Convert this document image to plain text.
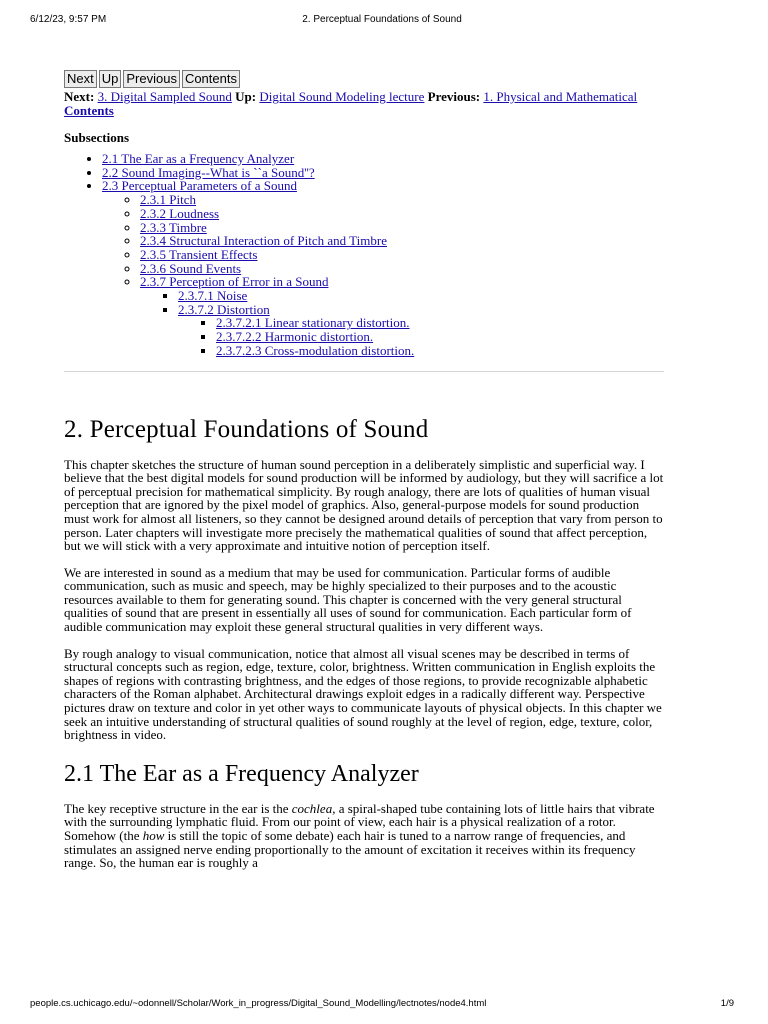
6/12/23, 9:57 PM	2. Perceptual Foundations of Sound
Next Up Previous Contents
Next: 3. Digital Sampled Sound Up: Digital Sound Modeling lecture Previous: 1. Physical and Mathematical   Contents
Subsections
• 2.1 The Ear as a Frequency Analyzer
• 2.2 Sound Imaging--What is ``a Sound''?
• 2.3 Perceptual Parameters of a Sound
◦ 2.3.1 Pitch
◦ 2.3.2 Loudness
◦ 2.3.3 Timbre
◦ 2.3.4 Structural Interaction of Pitch and Timbre
◦ 2.3.5 Transient Effects
◦ 2.3.6 Sound Events
◦ 2.3.7 Perception of Error in a Sound
▪ 2.3.7.1 Noise
▪ 2.3.7.2 Distortion
▪ 2.3.7.2.1 Linear stationary distortion.
▪ 2.3.7.2.2 Harmonic distortion.
▪ 2.3.7.2.3 Cross-modulation distortion.
2. Perceptual Foundations of Sound

This chapter sketches the structure of human sound perception in a deliberately simplistic and superficial way. I believe that the best digital models for sound production will be informed by audiology, but they will sacrifice a lot of perceptual precision for mathematical simplicity. By rough analogy, there are lots of qualities of human visual perception that are ignored by the pixel model of graphics. Also, general-purpose models for sound production must work for almost all listeners, so they cannot be designed around details of perception that vary from person to person. Later chapters will investigate more precisely the mathematical qualities of sound that affect perception, but we will stick with a very approximate and intuitive notion of perception itself.

We are interested in sound as a medium that may be used for communication. Particular forms of audible communication, such as music and speech, may be highly specialized to their purposes and to the acoustic resources available to them for generating sound. This chapter is concerned with the very general structural qualities of sound that are present in essentially all uses of sound for communication. Each particular form of audible communication may exploit these general structural qualities in very different ways.

By rough analogy to visual communication, notice that almost all visual scenes may be described in terms of structural concepts such as region, edge, texture, color, brightness. Written communication in English exploits the shapes of regions with contrasting brightness, and the edges of those regions, to provide recognizable alphabetic characters of the Roman alphabet. Architectural drawings exploit edges in a radically different way. Perspective pictures draw on texture and color in yet other ways to communicate layouts of physical objects. In this chapter we seek an intuitive understanding of structural qualities of sound roughly at the level of region, edge, texture, color, brightness in video.

2.1 The Ear as a Frequency Analyzer

The key receptive structure in the ear is the cochlea, a spiral-shaped tube containing lots of little hairs that vibrate with the surrounding lymphatic fluid. From our point of view, each hair is a physical realization of a rotor. Somehow (the how is still the topic of some debate) each hair is tuned to a narrow range of frequencies, and stimulates an assigned nerve ending proportionally to the amount of excitation it receives within its frequency range. So, the human ear is roughly a

people.cs.uchicago.edu/~odonnell/Scholar/Work_in_progress/Digital_Sound_Modelling/lectnotes/node4.html	1/9
